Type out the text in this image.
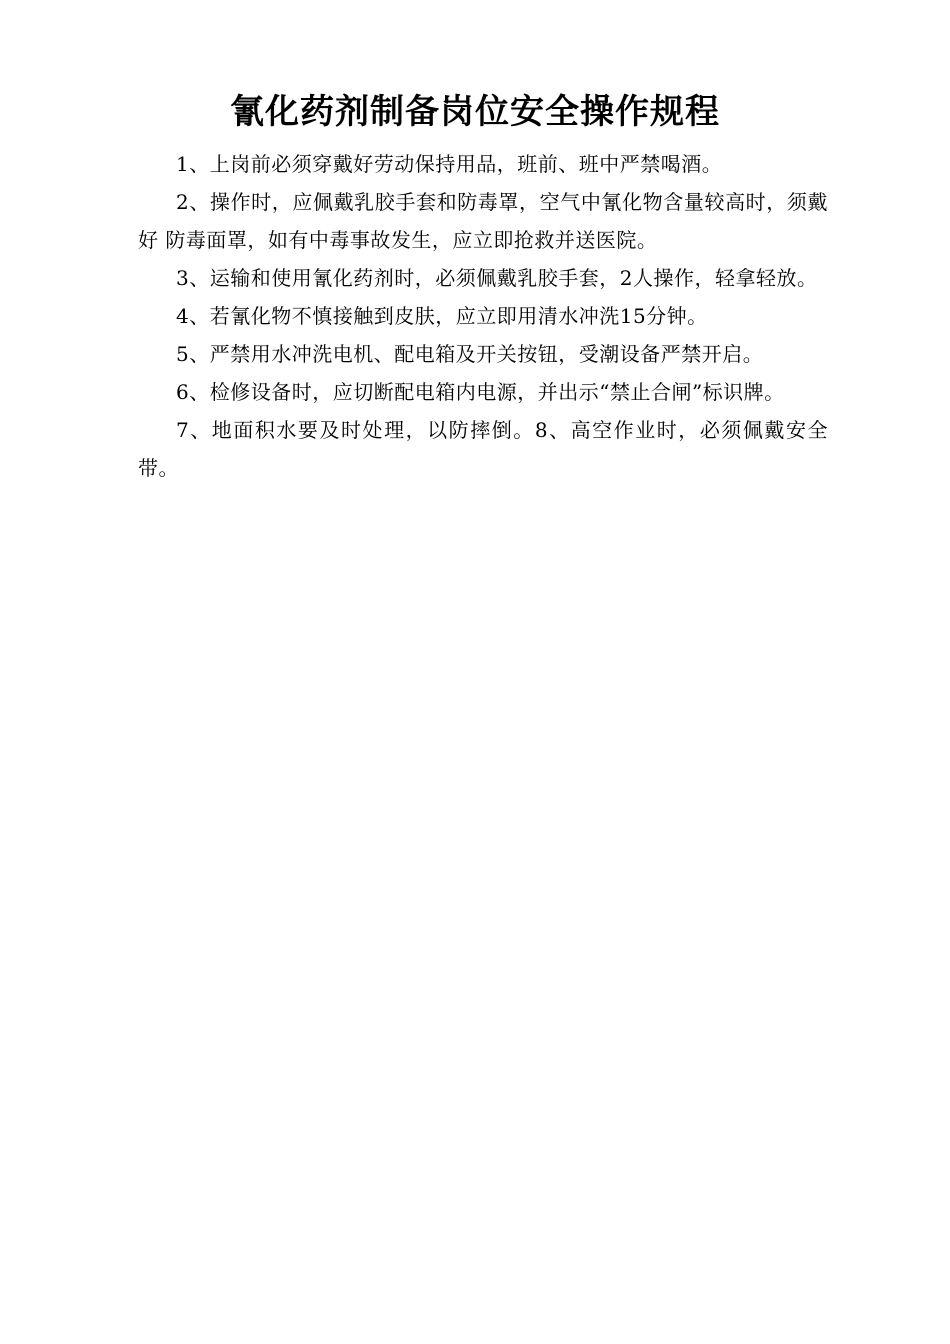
氰化药剂制备岗位安全操作规程
1、上岗前必须穿戴好劳动保持用品，班前、班中严禁喝酒。
2、操作时，应佩戴乳胶手套和防毒罩，空气中氰化物含量较高时，须戴好 防毒面罩，如有中毒事故发生，应立即抢救并送医院。
3、运输和使用氰化药剂时，必须佩戴乳胶手套，2人操作，轻拿轻放。
4、若氰化物不慎接触到皮肤，应立即用清水冲洗15分钟。
5、严禁用水冲洗电机、配电箱及开关按钮，受潮设备严禁开启。
6、检修设备时，应切断配电箱内电源，并出示“禁止合闸”标识牌。
7、地面积水要及时处理，以防摔倒。8、高空作业时，必须佩戴安全带。
